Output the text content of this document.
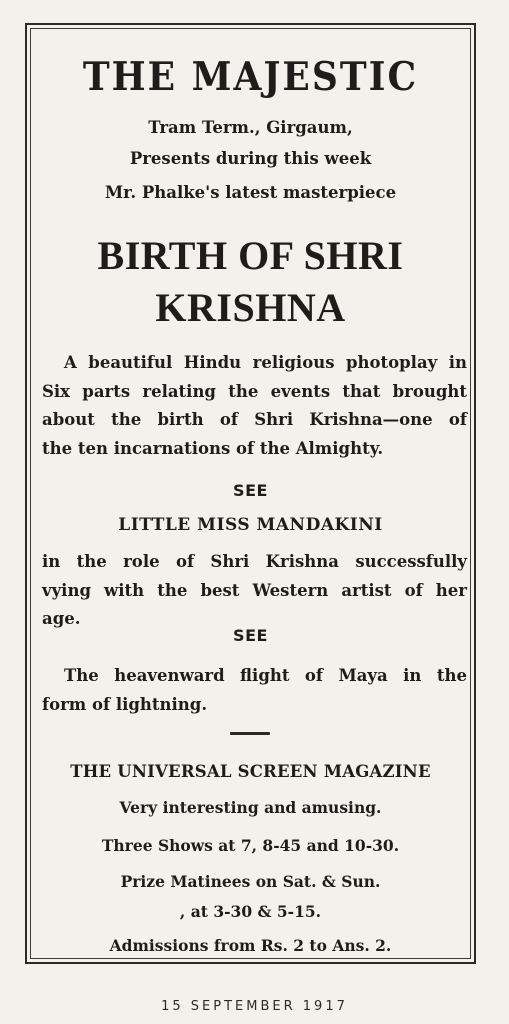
THE MAJESTIC

Tram Term., Girgaum,

Presents during this week

Mr. Phalke's latest masterpiece

BIRTH OF SHRI

KRISHNA

A beautiful Hindu religious photoplay in
Six parts relating the events that brought
about the birth of Shri Krishna—one of
the ten incarnations of the Almighty.

SEE

LITTLE MISS MANDAKINI

in the role of Shri Krishna successfully
vying with the best Western artist of her
age.

SEE

The heavenward flight of Maya in the
form of lightning.

THE UNIVERSAL SCREEN MAGAZINE

Very interesting and amusing.

Three Shows at 7, 8-45 and 10-30.

Prize Matinees on Sat. & Sun.

, at 3-30 & 5-15.

Admissions from Rs. 2 to Ans. 2.

15 SEPTEMBER 1917
